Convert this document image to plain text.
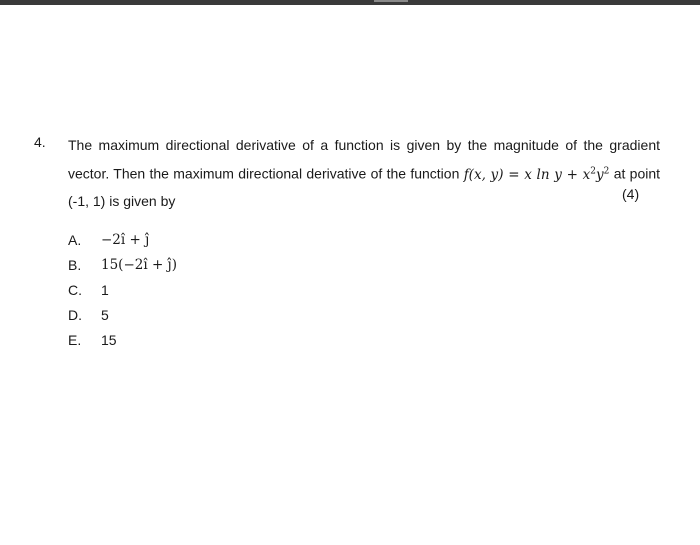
4. The maximum directional derivative of a function is given by the magnitude of the gradient vector. Then the maximum directional derivative of the function f(x, y) = x $\ln y + x^2y^2$ at point (-1, 1) is given by	(4)
A.	−2î + ĵ
B.	15(−2î + ĵ)
C.	1
D.	5
E.	15
